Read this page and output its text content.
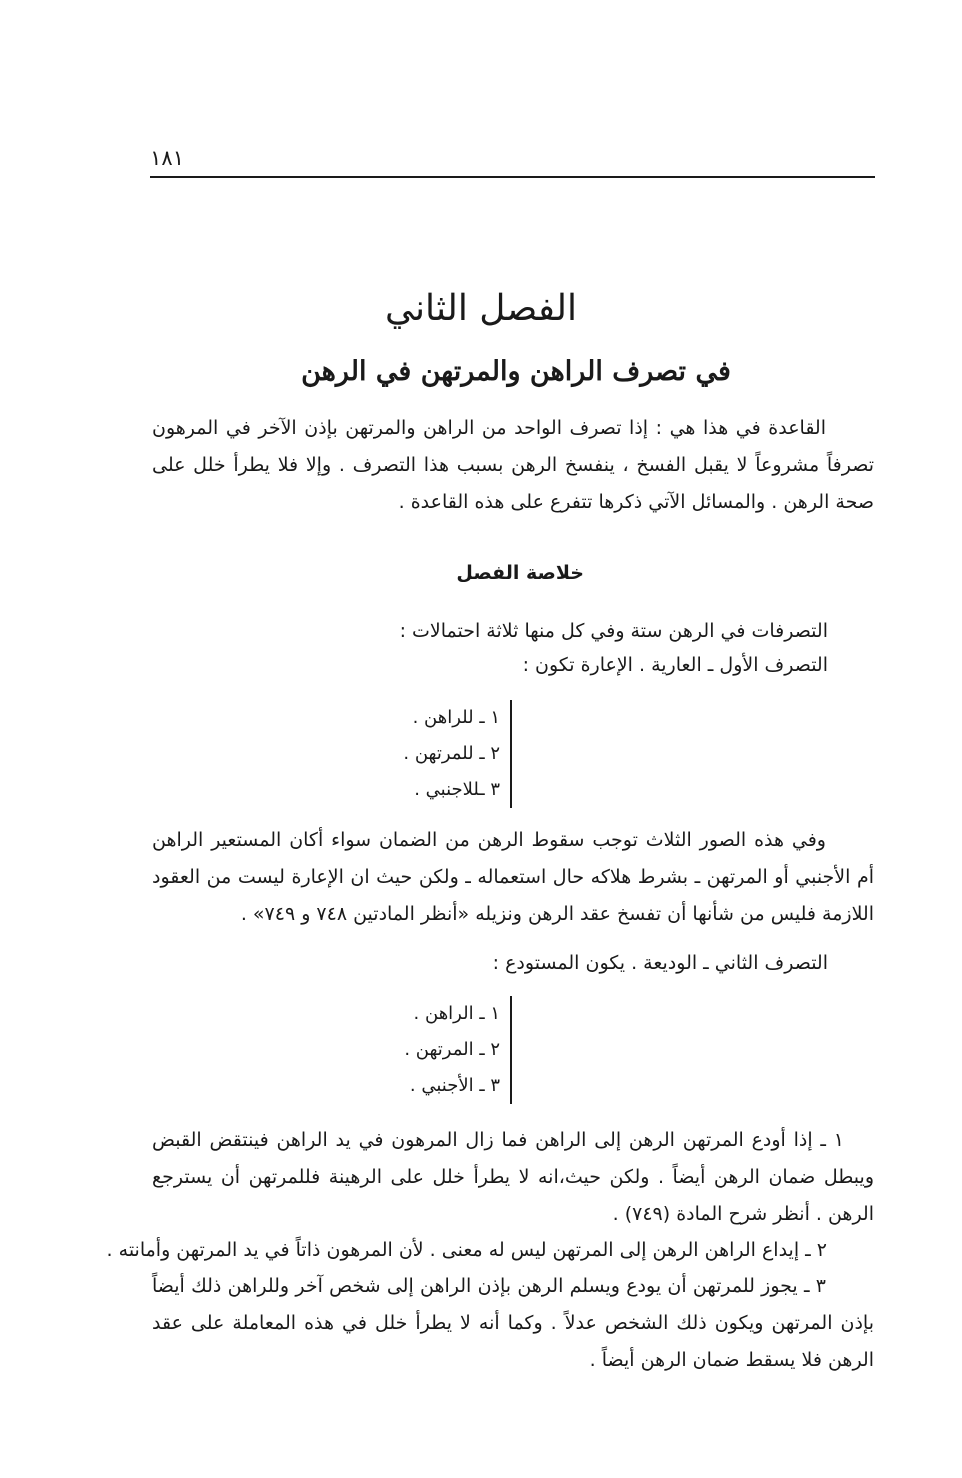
١٨١
الفصل الثاني
في تصرف الراهن والمرتهن في الرهن

القاعدة في هذا هي : إذا تصرف الواحد من الراهن والمرتهن بإذن الآخر في المرهون تصرفاً مشروعاً لا يقبل الفسخ ، ينفسخ الرهن بسبب هذا التصرف . وإلا فلا يطرأ خلل على صحة الرهن . والمسائل الآتي ذكرها تتفرع على هذه القاعدة .

خلاصة الفصل

التصرفات في الرهن ستة وفي كل منها ثلاثة احتمالات :

التصرف الأول ـ العارية . الإعارة تكون :

١ ـ للراهن .
٢ ـ للمرتهن .
٣ ـللاجنبي .

وفي هذه الصور الثلاث توجب سقوط الرهن من الضمان سواء أكان المستعير الراهن أم الأجنبي أو المرتهن ـ بشرط هلاكه حال استعماله ـ ولكن حيث ان الإعارة ليست من العقود اللازمة فليس من شأنها أن تفسخ عقد الرهن ونزيله «أنظر المادتين ٧٤٨ و ٧٤٩» .

التصرف الثاني ـ الوديعة . يكون المستودع :

١ ـ الراهن .
٢ ـ المرتهن .
٣ ـ الأجنبي .

١ ـ إذا أودع المرتهن الرهن إلى الراهن فما زال المرهون في يد الراهن فينتقض القبض ويبطل ضمان الرهن أيضاً . ولكن حيث،انه لا يطرأ خلل على الرهينة فللمرتهن أن يسترجع الرهن . أنظر شرح المادة (٧٤٩) .

٢ ـ إيداع الراهن الرهن إلى المرتهن ليس له معنى . لأن المرهون ذاتاً في يد المرتهن وأمانته .

٣ ـ يجوز للمرتهن أن يودع ويسلم الرهن بإذن الراهن إلى شخص آخر وللراهن ذلك أيضاً بإذن المرتهن ويكون ذلك الشخص عدلاً . وكما أنه لا يطرأ خلل في هذه المعاملة على عقد الرهن فلا يسقط ضمان الرهن أيضاً .
